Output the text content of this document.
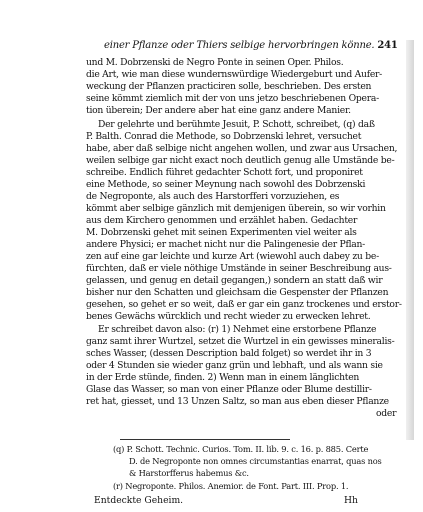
einer Pflanze oder Thiers selbige hervorbringen könne. 241

und M. Dobrzenski de Negro Ponte in seinen Oper. Philos.

die Art, wie man diese wundernswürdige Wiedergeburt und Aufer-

weckung der Pflanzen practiciren solle, beschrieben. Des ersten

seine kömmt ziemlich mit der von uns jetzo beschriebenen Opera-

tion überein; Der andere aber hat eine ganz andere Manier.

Der gelehrte und berühmte Jesuit, P. Schott, schreibet, (q) daß

P. Balth. Conrad die Methode, so Dobrzenski lehret, versuchet

habe, aber daß selbige nicht angehen wollen, und zwar aus Ursachen,

weilen selbige gar nicht exact noch deutlich genug alle Umstände be-

schreibe. Endlich führet gedachter Schott fort, und proponiret

eine Methode, so seiner Meynung nach sowohl des Dobrzenski

de Negroponte, als auch des Harstorfferi vorzuziehen, es

kömmt aber selbige gänzlich mit demjenigen überein, so wir vorhin

aus dem Kirchero genommen und erzählet haben. Gedachter

M. Dobrzenski gehet mit seinen Experimenten viel weiter als

andere Physici; er machet nicht nur die Palingenesie der Pflan-

zen auf eine gar leichte und kurze Art (wiewohl auch dabey zu be-

fürchten, daß er viele nöthige Umstände in seiner Beschreibung aus-

gelassen, und genug en detail gegangen,) sondern an statt daß wir

bisher nur den Schatten und gleichsam die Gespenster der Pflanzen

gesehen, so gehet er so weit, daß er gar ein ganz trockenes und erstor-

benes Gewächs würcklich und recht wieder zu erwecken lehret.

Er schreibet davon also: (r) 1) Nehmet eine erstorbene Pflanze

ganz samt ihrer Wurtzel, setzet die Wurtzel in ein gewisses mineralis-

sches Wasser, (dessen Description bald folget) so werdet ihr in 3

oder 4 Stunden sie wieder ganz grün und lebhaft, und als wann sie

in der Erde stünde, finden. 2) Wenn man in einem länglichten

Glase das Wasser, so man von einer Pflanze oder Blume destillir-

ret hat, giesset, und 13 Unzen Saltz, so man aus eben dieser Pflanze

oder

(q) P. Schott. Technic. Curios. Tom. II. lib. 9. c. 16. p. 885. Certe

D. de Negroponte non omnes circumstantias enarrat, quas nos

& Harstorfferus habemus &c.

(r) Negroponte. Philos. Anemior. de Font. Part. III. Prop. 1.

Entdeckte Geheim.	Hh
